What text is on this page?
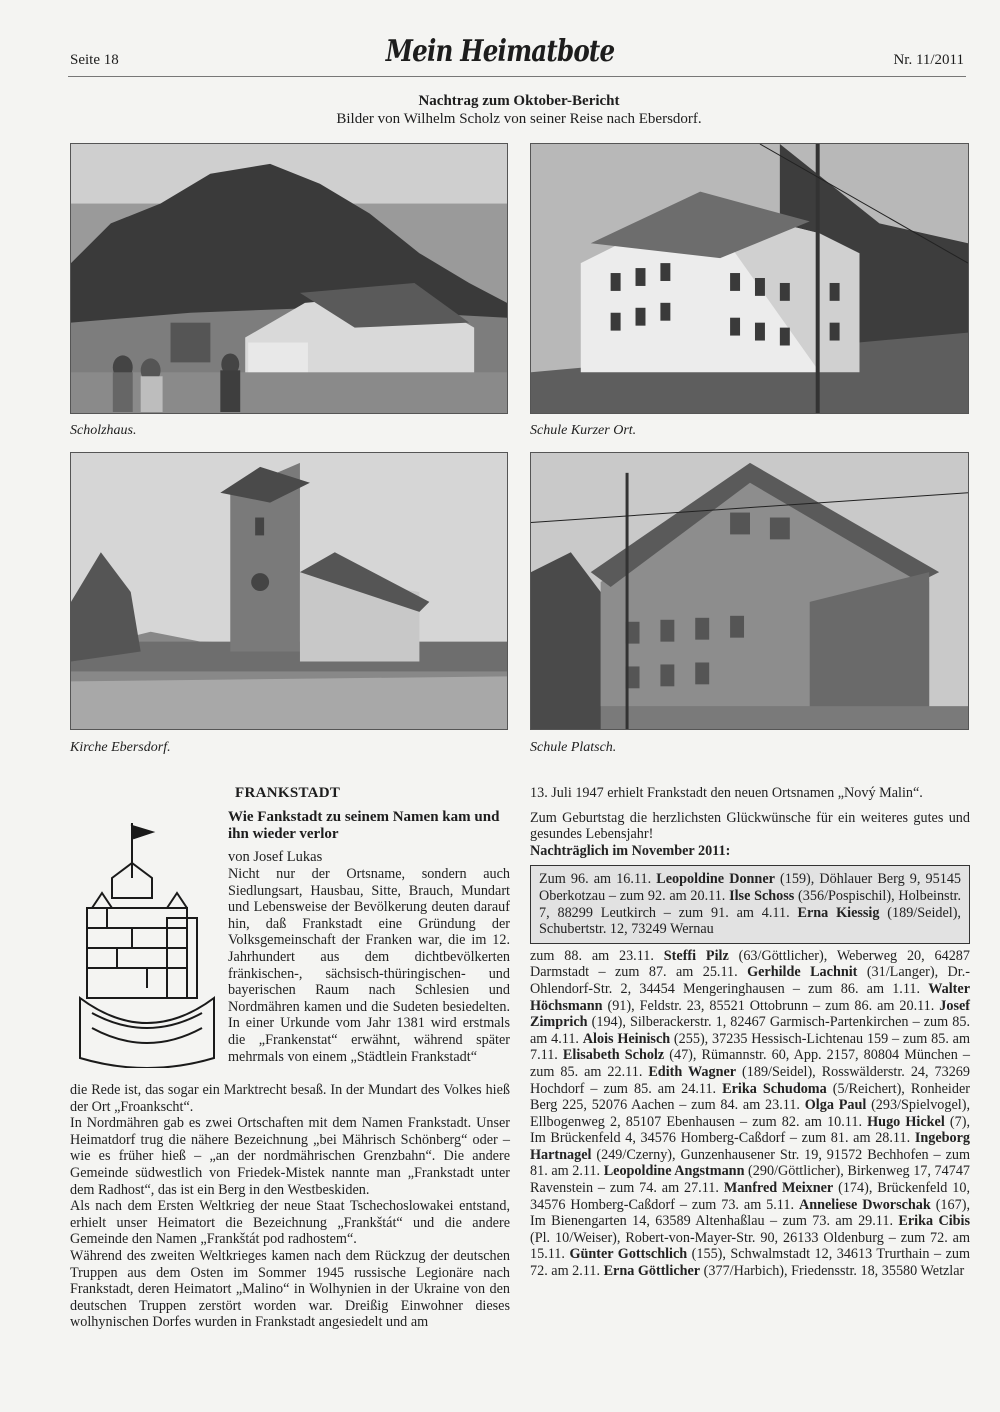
Seite 18	Mein Heimatbote	Nr. 11/2011
Nachtrag zum Oktober-Bericht
Bilder von Wilhelm Scholz von seiner Reise nach Ebersdorf.
Scholzhaus.	Schule Kurzer Ort.
Kirche Ebersdorf.	Schule Platsch.
FRANKSTADT
Wie Fankstadt zu seinem Namen kam und ihn wieder verlor
von Josef Lukas
Nicht nur der Ortsname, sondern auch Siedlungsart, Hausbau, Sitte, Brauch, Mundart und Lebensweise der Bevölkerung deuten darauf hin, daß Frankstadt eine Gründung der Volksgemeinschaft der Franken war, die im 12. Jahrhundert aus dem dichtbevölkerten fränkischen-, sächsisch-thüringischen- und bayerischen Raum nach Schlesien und Nordmähren kamen und die Sudeten besiedelten. In einer Urkunde vom Jahr 1381 wird erstmals die „Frankenstat“ erwähnt, während später mehrmals von einem „Städtlein Frankstadt“

die Rede ist, das sogar ein Marktrecht besaß. In der Mundart des Volkes hieß der Ort „Froankscht“.

In Nordmähren gab es zwei Ortschaften mit dem Namen Frankstadt. Unser Heimatdorf trug die nähere Bezeichnung „bei Mährisch Schönberg“ oder – wie es früher hieß – „an der nordmährischen Grenzbahn“. Die andere Gemeinde südwestlich von Friedek-Mistek nannte man „Frankstadt unter dem Radhost“, das ist ein Berg in den Westbeskiden.

Als nach dem Ersten Weltkrieg der neue Staat Tschechoslowakei entstand, erhielt unser Heimatort die Bezeichnung „Frankštát“ und die andere Gemeinde den Namen „Frankštát pod radhostem“.

Während des zweiten Weltkrieges kamen nach dem Rückzug der deutschen Truppen aus dem Osten im Sommer 1945 russische Legionäre nach Frankstadt, deren Heimatort „Malino“ in Wolhynien in der Ukraine von den deutschen Truppen zerstört worden war. Dreißig Einwohner dieses wolhynischen Dorfes wurden in Frankstadt angesiedelt und am

13. Juli 1947 erhielt Frankstadt den neuen Ortsnamen „Nový Malin“.
Zum Geburtstag die herzlichsten Glückwünsche für ein weiteres gutes und gesundes Lebensjahr!
Nachträglich im November 2011:
Zum 96. am 16.11. Leopoldine Donner (159), Döhlauer Berg 9, 95145 Oberkotzau – zum 92. am 20.11. Ilse Schoss (356/Pospischil), Holbeinstr. 7, 88299 Leutkirch – zum 91. am 4.11. Erna Kiessig (189/Seidel), Schubertstr. 12, 73249 Wernau
zum 88. am 23.11. Steffi Pilz (63/Göttlicher), Weberweg 20, 64287 Darmstadt – zum 87. am 25.11. Gerhilde Lachnit (31/Langer), Dr.-Ohlendorf-Str. 2, 34454 Mengeringhausen – zum 86. am 1.11. Walter Höchsmann (91), Feldstr. 23, 85521 Ottobrunn – zum 86. am 20.11. Josef Zimprich (194), Silberackerstr. 1, 82467 Garmisch-Partenkirchen – zum 85. am 4.11. Alois Heinisch (255), 37235 Hessisch-Lichtenau 159 – zum 85. am 7.11. Elisabeth Scholz (47), Rümannstr. 60, App. 2157, 80804 München – zum 85. am 22.11. Edith Wagner (189/Seidel), Rosswälderstr. 24, 73269 Hochdorf – zum 85. am 24.11. Erika Schudoma (5/Reichert), Ronheider Berg 225, 52076 Aachen – zum 84. am 23.11. Olga Paul (293/Spielvogel), Ellbogenweg 2, 85107 Ebenhausen – zum 82. am 10.11. Hugo Hickel (7), Im Brückenfeld 4, 34576 Homberg-Caßdorf – zum 81. am 28.11. Ingeborg Hartnagel (249/Czerny), Gunzenhausener Str. 19, 91572 Bechhofen – zum 81. am 2.11. Leopoldine Angstmann (290/Göttlicher), Birkenweg 17, 74747 Ravenstein – zum 74. am 27.11. Manfred Meixner (174), Brückenfeld 10, 34576 Homberg-Caßdorf – zum 73. am 5.11. Anneliese Dworschak (167), Im Bienengarten 14, 63589 Altenhaßlau – zum 73. am 29.11. Erika Cibis (Pl. 10/Weiser), Robert-von-Mayer-Str. 90, 26133 Oldenburg – zum 72. am 15.11. Günter Gottschlich (155), Schwalmstadt 12, 34613 Trurthain – zum 72. am 2.11. Erna Göttlicher (377/Harbich), Friedensstr. 18, 35580 Wetzlar
